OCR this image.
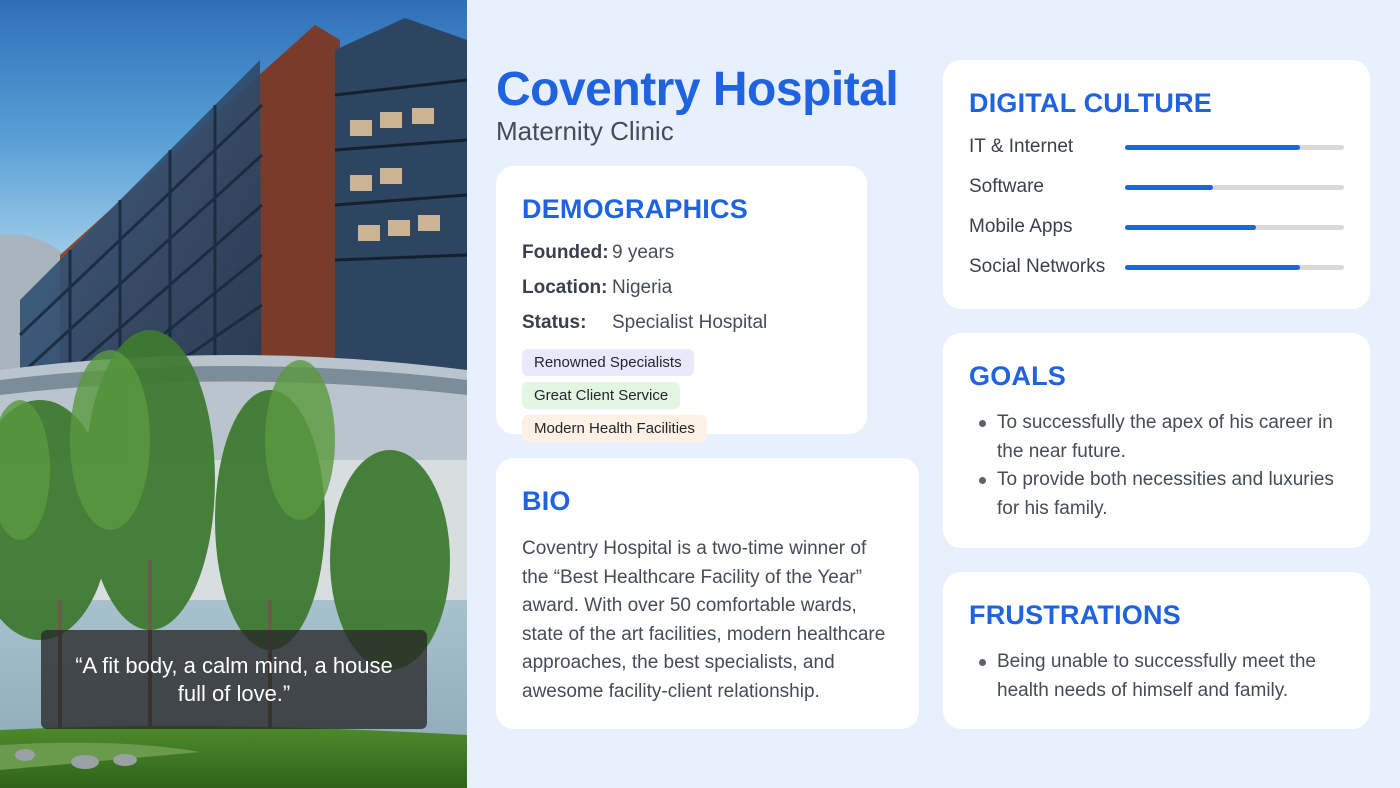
“A fit body, a calm mind, a house full of love.”
Coventry Hospital
Maternity Clinic
DEMOGRAPHICS
Founded: 9 years
Location: Nigeria
Status:	Specialist Hospital
Renowned Specialists
Great Client Service
Modern Health Facilities
BIO

Coventry Hospital is a two-time winner of the “Best Healthcare Facility of the Year” award. With over 50 comfortable wards, state of the art facilities, modern healthcare approaches, the best specialists, and awesome facility-client relationship.

DIGITAL CULTURE
IT & Internet
Software
Mobile Apps
Social Networks
GOALS
To successfully the apex of his career in the near future.
To provide both necessities and luxuries for his family.
FRUSTRATIONS
Being unable to successfully meet the health needs of himself and family.
